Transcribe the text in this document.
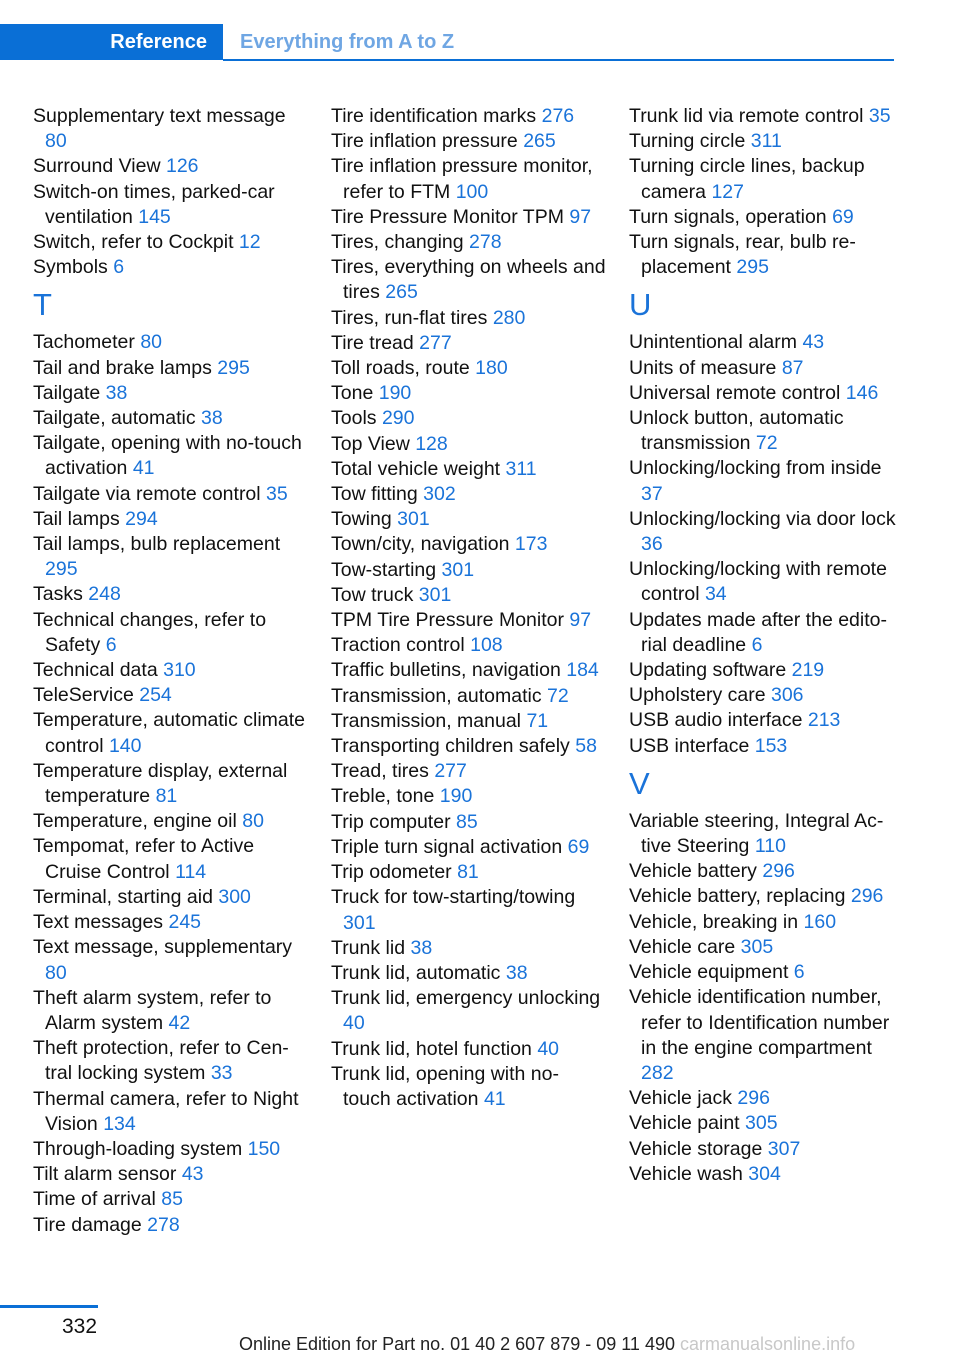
Reference	Everything from A to Z
Supplementary text message 80
Surround View 126
Switch-on times, parked-car ventilation 145
Switch, refer to Cockpit 12
Symbols 6
T
Tachometer 80
Tail and brake lamps 295
Tailgate 38
Tailgate, automatic 38
Tailgate, opening with no-touch activation 41
Tailgate via remote control 35
Tail lamps 294
Tail lamps, bulb replacement 295
Tasks 248
Technical changes, refer to Safety 6
Technical data 310
TeleService 254
Temperature, automatic climate control 140
Temperature display, external temperature 81
Temperature, engine oil 80
Tempomat, refer to Active Cruise Control 114
Terminal, starting aid 300
Text messages 245
Text message, supplementary 80
Theft alarm system, refer to Alarm system 42
Theft protection, refer to Central locking system 33
Thermal camera, refer to Night Vision 134
Through-loading system 150
Tilt alarm sensor 43
Time of arrival 85
Tire damage 278
Tire identification marks 276
Tire inflation pressure 265
Tire inflation pressure monitor, refer to FTM 100
Tire Pressure Monitor TPM 97
Tires, changing 278
Tires, everything on wheels and tires 265
Tires, run-flat tires 280
Tire tread 277
Toll roads, route 180
Tone 190
Tools 290
Top View 128
Total vehicle weight 311
Tow fitting 302
Towing 301
Town/city, navigation 173
Tow-starting 301
Tow truck 301
TPM Tire Pressure Monitor 97
Traction control 108
Traffic bulletins, navigation 184
Transmission, automatic 72
Transmission, manual 71
Transporting children safely 58
Tread, tires 277
Treble, tone 190
Trip computer 85
Triple turn signal activation 69
Trip odometer 81
Truck for tow-starting/towing 301
Trunk lid 38
Trunk lid, automatic 38
Trunk lid, emergency unlocking 40
Trunk lid, hotel function 40
Trunk lid, opening with no-touch activation 41
Trunk lid via remote control 35
Turning circle 311
Turning circle lines, backup camera 127
Turn signals, operation 69
Turn signals, rear, bulb replacement 295
U
Unintentional alarm 43
Units of measure 87
Universal remote control 146
Unlock button, automatic transmission 72
Unlocking/locking from inside 37
Unlocking/locking via door lock 36
Unlocking/locking with remote control 34
Updates made after the editorial deadline 6
Updating software 219
Upholstery care 306
USB audio interface 213
USB interface 153
V
Variable steering, Integral Active Steering 110
Vehicle battery 296
Vehicle battery, replacing 296
Vehicle, breaking in 160
Vehicle care 305
Vehicle equipment 6
Vehicle identification number, refer to Identification number in the engine compartment 282
Vehicle jack 296
Vehicle paint 305
Vehicle storage 307
Vehicle wash 304
332
Online Edition for Part no. 01 40 2 607 879 - 09 11 490 carmanualsonline.info
